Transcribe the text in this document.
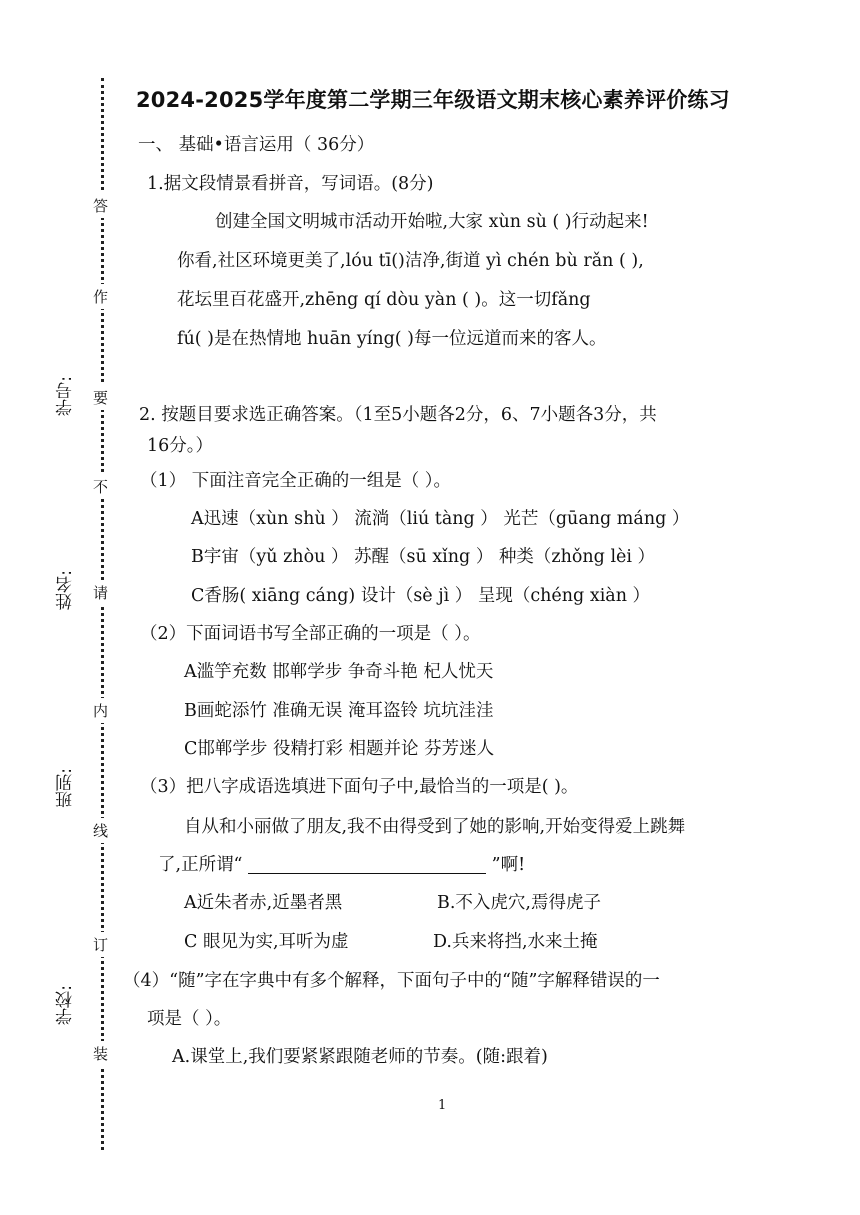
答
作
要
不
请
内
线
订
装
学号:
姓名:
班别:
学校:
2024-2025学年度第二学期三年级语文期末核心素养评价练习
一、 基础•语言运用（ 36分）
1.据文段情景看拼音，写词语。(8分)
创建全国文明城市活动开始啦,大家 xùn sù ( )行动起来!
你看,社区环境更美了,lóu tī()洁净,街道 yì chén bù rǎn ( ),
花坛里百花盛开,zhēng qí dòu yàn ( )。这一切fǎng
fú( )是在热情地 huān yíng( )每一位远道而来的客人。
2. 按题目要求选正确答案。（1至5小题各2分，6、7小题各3分，共
16分。）
（1） 下面注音完全正确的一组是（ ）。
A迅速（xùn shù ） 流淌（liú tàng ） 光芒（gūang máng ）
B宇宙（yǔ zhòu ） 苏醒（sū xǐng ） 种类（zhǒng lèi ）
C香肠( xiāng cáng) 设计（sè jì ） 呈现（chéng xiàn ）
（2）下面词语书写全部正确的一项是（ ）。
A滥竽充数 邯郸学步 争奇斗艳 杞人忧天
B画蛇添竹 准确无误 淹耳盗铃 坑坑洼洼
C邯郸学步 役精打彩 相题并论 芬芳迷人
（3）把八字成语选填进下面句子中,最恰当的一项是( )。
自从和小丽做了朋友,我不由得受到了她的影响,开始变得爱上跳舞
了,正所谓“	”啊!
A近朱者赤,近墨者黑	B.不入虎穴,焉得虎子
C 眼见为实,耳听为虚	D.兵来将挡,水来土掩
（4）“随”字在字典中有多个解释，下面句子中的“随”字解释错误的一
项是（ ）。
A.课堂上,我们要紧紧跟随老师的节奏。(随:跟着)
1
